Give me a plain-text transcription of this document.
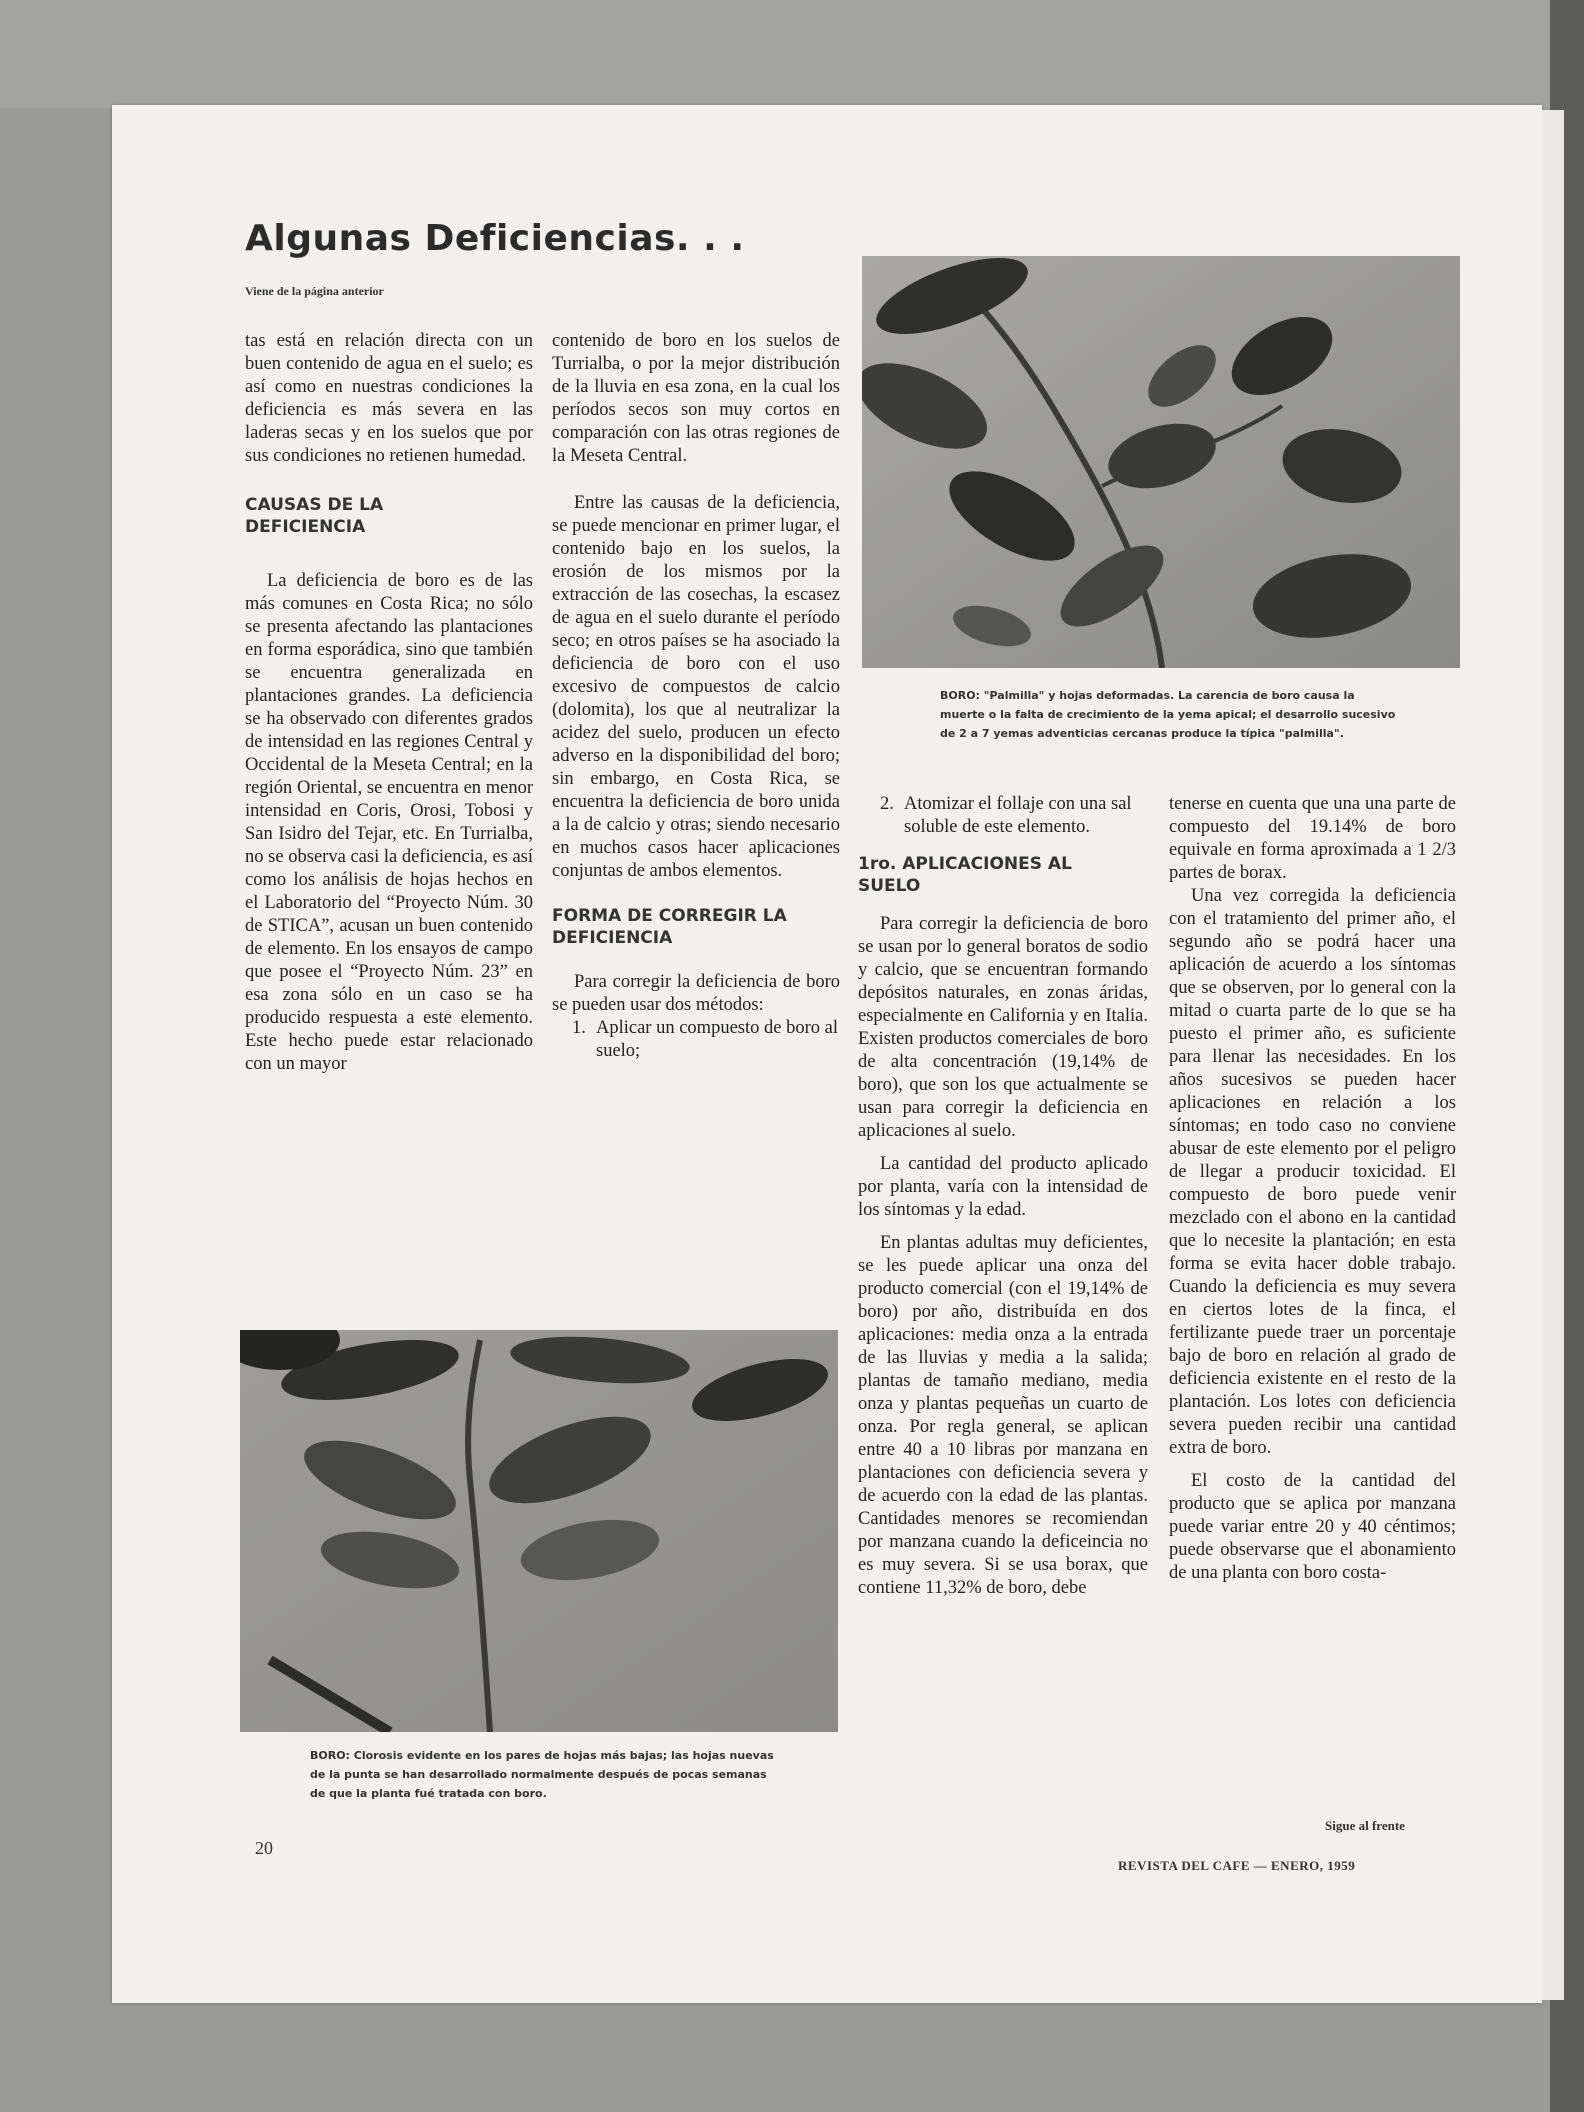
Algunas Deficiencias. . .
Viene de la página anterior

tas está en relación directa con un buen contenido de agua en el suelo; es así como en nuestras condiciones la deficiencia es más severa en las laderas secas y en los suelos que por sus condiciones no retienen humedad.

CAUSAS DE LA DEFICIENCIA

La deficiencia de boro es de las más comunes en Costa Rica; no sólo se presenta afectando las plantaciones en forma esporádica, sino que también se encuentra generalizada en plantaciones grandes. La deficiencia se ha observado con diferentes grados de intensidad en las regiones Central y Occidental de la Meseta Central; en la región Oriental, se encuentra en menor intensidad en Coris, Orosi, Tobosi y San Isidro del Tejar, etc. En Turrialba, no se observa casi la deficiencia, es así como los análisis de hojas hechos en el Laboratorio del “Proyecto Núm. 30 de STICA”, acusan un buen contenido de elemento. En los ensayos de campo que posee el “Proyecto Núm. 23” en esa zona sólo en un caso se ha producido respuesta a este elemento. Este hecho puede estar relacionado con un mayor

contenido de boro en los suelos de Turrialba, o por la mejor distribución de la lluvia en esa zona, en la cual los períodos secos son muy cortos en comparación con las otras regiones de la Meseta Central.

Entre las causas de la deficiencia, se puede mencionar en primer lugar, el contenido bajo en los suelos, la erosión de los mismos por la extracción de las cosechas, la escasez de agua en el suelo durante el período seco; en otros países se ha asociado la deficiencia de boro con el uso excesivo de compuestos de calcio (dolomita), los que al neutralizar la acidez del suelo, producen un efecto adverso en la disponibilidad del boro; sin embargo, en Costa Rica, se encuentra la deficiencia de boro unida a la de calcio y otras; siendo necesario en muchos casos hacer aplicaciones conjuntas de ambos elementos.

FORMA DE CORREGIR LA DEFICIENCIA

Para corregir la deficiencia de boro se pueden usar dos métodos:

1. Aplicar un compuesto de boro al suelo;
BORO: "Palmilla" y hojas deformadas. La carencia de boro causa la muerte o la falta de crecimiento de la yema apical; el desarrollo sucesivo de 2 a 7 yemas adventicias cercanas produce la típica "palmilla".
2. Atomizar el follaje con una sal soluble de este elemento.
1ro. APLICACIONES AL SUELO

Para corregir la deficiencia de boro se usan por lo general boratos de sodio y calcio, que se encuentran formando depósitos naturales, en zonas áridas, especialmente en California y en Italia. Existen productos comerciales de boro de alta concentración (19,14% de boro), que son los que actualmente se usan para corregir la deficiencia en aplicaciones al suelo.

La cantidad del producto aplicado por planta, varía con la intensidad de los síntomas y la edad.

En plantas adultas muy deficientes, se les puede aplicar una onza del producto comercial (con el 19,14% de boro) por año, distribuída en dos aplicaciones: media onza a la entrada de las lluvias y media a la salida; plantas de tamaño mediano, media onza y plantas pequeñas un cuarto de onza. Por regla general, se aplican entre 40 a 10 libras por manzana en plantaciones con deficiencia severa y de acuerdo con la edad de las plantas. Cantidades menores se recomiendan por manzana cuando la deficeincia no es muy severa. Si se usa borax, que contiene 11,32% de boro, debe

tenerse en cuenta que una una parte de compuesto del 19.14% de boro equivale en forma aproximada a 1 2/3 partes de borax.

Una vez corregida la deficiencia con el tratamiento del primer año, el segundo año se podrá hacer una aplicación de acuerdo a los síntomas que se observen, por lo general con la mitad o cuarta parte de lo que se ha puesto el primer año, es suficiente para llenar las necesidades. En los años sucesivos se pueden hacer aplicaciones en relación a los síntomas; en todo caso no conviene abusar de este elemento por el peligro de llegar a producir toxicidad. El compuesto de boro puede venir mezclado con el abono en la cantidad que lo necesite la plantación; en esta forma se evita hacer doble trabajo. Cuando la deficiencia es muy severa en ciertos lotes de la finca, el fertilizante puede traer un porcentaje bajo de boro en relación al grado de deficiencia existente en el resto de la plantación. Los lotes con deficiencia severa pueden recibir una cantidad extra de boro.

El costo de la cantidad del producto que se aplica por manzana puede variar entre 20 y 40 céntimos; puede observarse que el abonamiento de una planta con boro costa-

BORO: Clorosis evidente en los pares de hojas más bajas; las hojas nuevas de la punta se han desarrollado normalmente después de pocas semanas de que la planta fué tratada con boro.
20
Sigue al frente
REVISTA DEL CAFE — ENERO, 1959
